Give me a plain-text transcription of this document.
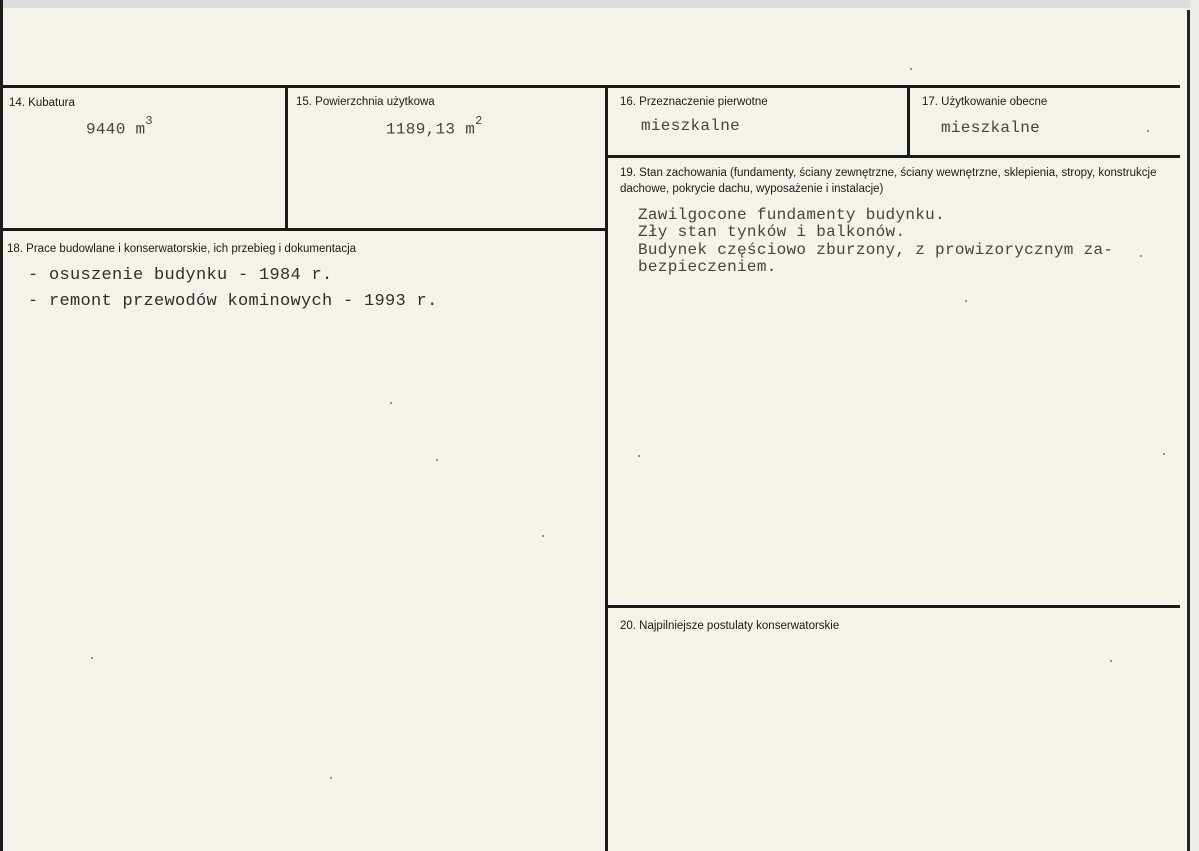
14. Kubatura
9440 $m^3$
15. Powierzchnia użytkowa
1189,13 $m^2$
16. Przeznaczenie pierwotne
mieszkalne
17. Użytkowanie obecne
mieszkalne
18. Prace budowlane i konserwatorskie, ich przebieg i dokumentacja
- osuszenie budynku - 1984 r.
- remont przewodów kominowych - 1993 r.
19. Stan zachowania (fundamenty, ściany zewnętrzne, ściany wewnętrzne, sklepienia, stropy, konstrukcje dachowe, pokrycie dachu, wyposażenie i instalacje)
Zawilgocone fundamenty budynku.
Zły stan tynków i balkonów.
Budynek częściowo zburzony, z prowizorycznym za-
bezpieczeniem.
20. Najpilniejsze postulaty konserwatorskie
